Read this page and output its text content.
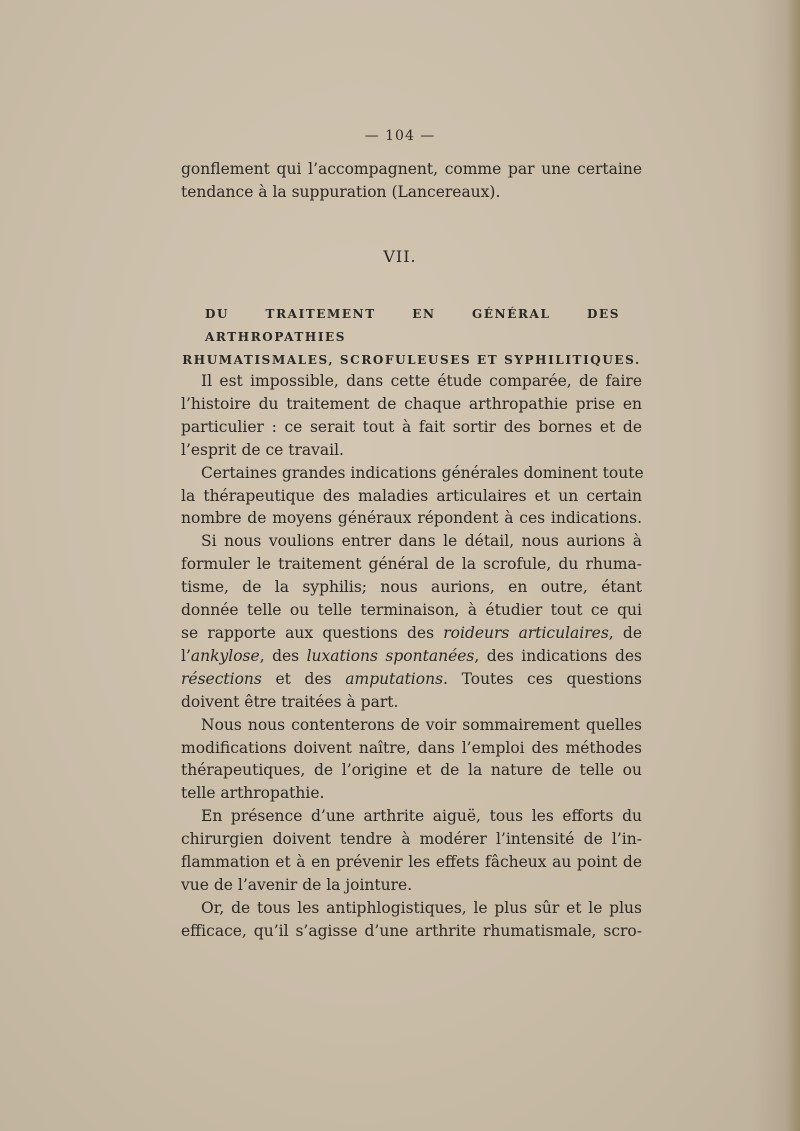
— 104 —
gonflement qui l’accompagnent, comme par une certaine
tendance à la suppuration (Lancereaux).
VII.
DU TRAITEMENT EN GÉNÉRAL DES ARTHROPATHIES
RHUMATISMALES, SCROFULEUSES ET SYPHILITIQUES.
Il est impossible, dans cette étude comparée, de faire
l’histoire du traitement de chaque arthropathie prise en
particulier : ce serait tout à fait sortir des bornes et de
l’esprit de ce travail.
Certaines grandes indications générales dominent toute
la thérapeutique des maladies articulaires et un certain
nombre de moyens généraux répondent à ces indications.
Si nous voulions entrer dans le détail, nous aurions à
formuler le traitement général de la scrofule, du rhuma-
tisme, de la syphilis; nous aurions, en outre, étant
donnée telle ou telle terminaison, à étudier tout ce qui
se rapporte aux questions des roideurs articulaires, de
l’ankylose, des luxations spontanées, des indications des
résections et des amputations. Toutes ces questions
doivent être traitées à part.
Nous nous contenterons de voir sommairement quelles
modifications doivent naître, dans l’emploi des méthodes
thérapeutiques, de l’origine et de la nature de telle ou
telle arthropathie.
En présence d’une arthrite aiguë, tous les efforts du
chirurgien doivent tendre à modérer l’intensité de l’in-
flammation et à en prévenir les effets fâcheux au point de
vue de l’avenir de la jointure.
Or, de tous les antiphlogistiques, le plus sûr et le plus
efficace, qu’il s’agisse d’une arthrite rhumatismale, scro-
